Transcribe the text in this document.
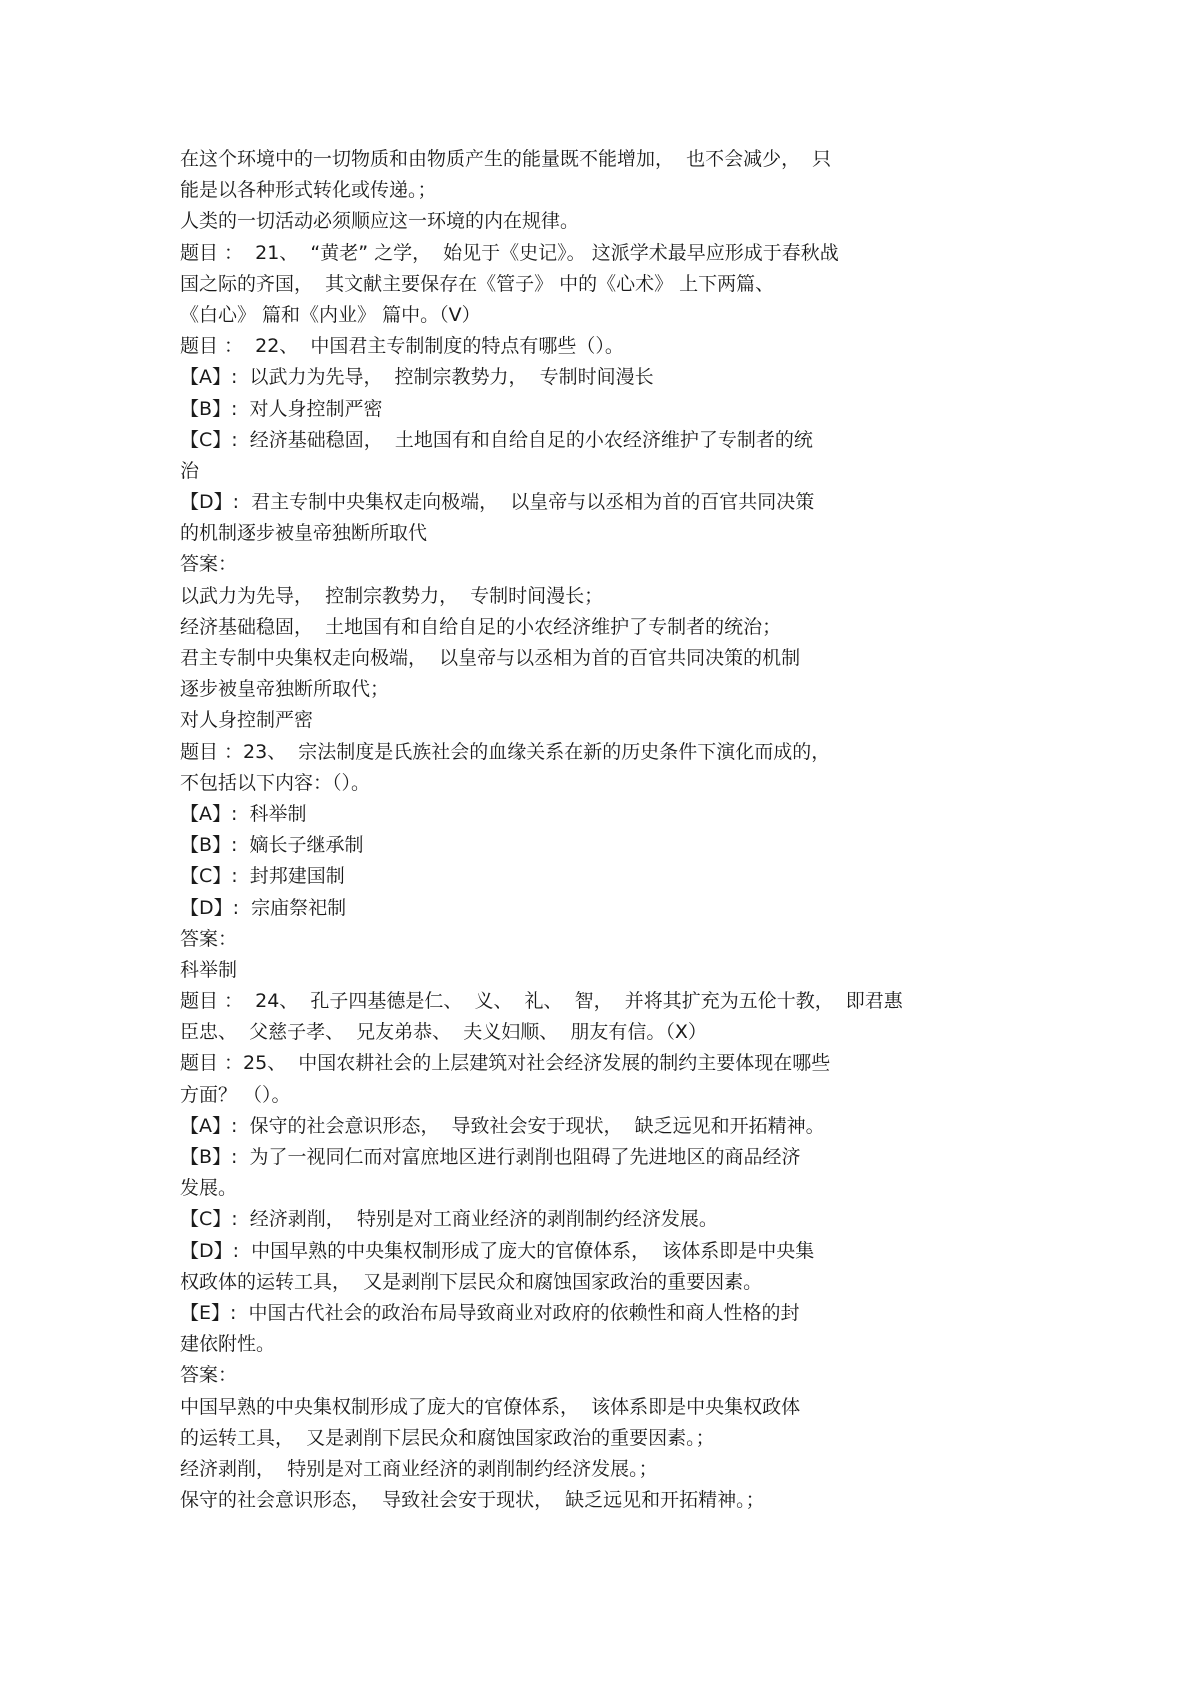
在这个环境中的一切物质和由物质产生的能量既不能增加，  也不会减少，  只
能是以各种形式转化或传递。；
人类的一切活动必须顺应这一环境的内在规律。
题目 ：  21、  “黄老” 之学，  始见于《史记》。 这派学术最早应形成于春秋战
国之际的齐国，  其文献主要保存在《管子》 中的《心术》 上下两篇、
《白心》 篇和《内业》 篇中。（V）
题目 ：  22、  中国君主专制制度的特点有哪些（）。
【A】:  以武力为先导，  控制宗教势力，  专制时间漫长
【B】:  对人身控制严密
【C】:  经济基础稳固，  土地国有和自给自足的小农经济维护了专制者的统
治
【D】:  君主专制中央集权走向极端，  以皇帝与以丞相为首的百官共同决策
的机制逐步被皇帝独断所取代
答案：
以武力为先导，  控制宗教势力，  专制时间漫长；
经济基础稳固，  土地国有和自给自足的小农经济维护了专制者的统治；
君主专制中央集权走向极端，  以皇帝与以丞相为首的百官共同决策的机制
逐步被皇帝独断所取代；
对人身控制严密
题目 ：23、  宗法制度是氏族社会的血缘关系在新的历史条件下演化而成的，
不包括以下内容：（）。
【A】:  科举制
【B】:  嫡长子继承制
【C】:  封邦建国制
【D】:  宗庙祭祀制
答案：
科举制
题目 ：  24、  孔子四基德是仁、  义、  礼、  智，  并将其扩充为五伦十教，  即君惠
臣忠、  父慈子孝、  兄友弟恭、  夫义妇顺、  朋友有信。（X）
题目 ：25、  中国农耕社会的上层建筑对社会经济发展的制约主要体现在哪些
方面？ （）。
【A】:  保守的社会意识形态，  导致社会安于现状，  缺乏远见和开拓精神。
【B】:  为了一视同仁而对富庶地区进行剥削也阻碍了先进地区的商品经济
发展。
【C】:  经济剥削，  特别是对工商业经济的剥削制约经济发展。
【D】:  中国早熟的中央集权制形成了庞大的官僚体系，  该体系即是中央集
权政体的运转工具，  又是剥削下层民众和腐蚀国家政治的重要因素。
【E】:  中国古代社会的政治布局导致商业对政府的依赖性和商人性格的封
建依附性。
答案：
中国早熟的中央集权制形成了庞大的官僚体系，  该体系即是中央集权政体
的运转工具，  又是剥削下层民众和腐蚀国家政治的重要因素。；
经济剥削，  特别是对工商业经济的剥削制约经济发展。；
保守的社会意识形态，  导致社会安于现状，  缺乏远见和开拓精神。；
